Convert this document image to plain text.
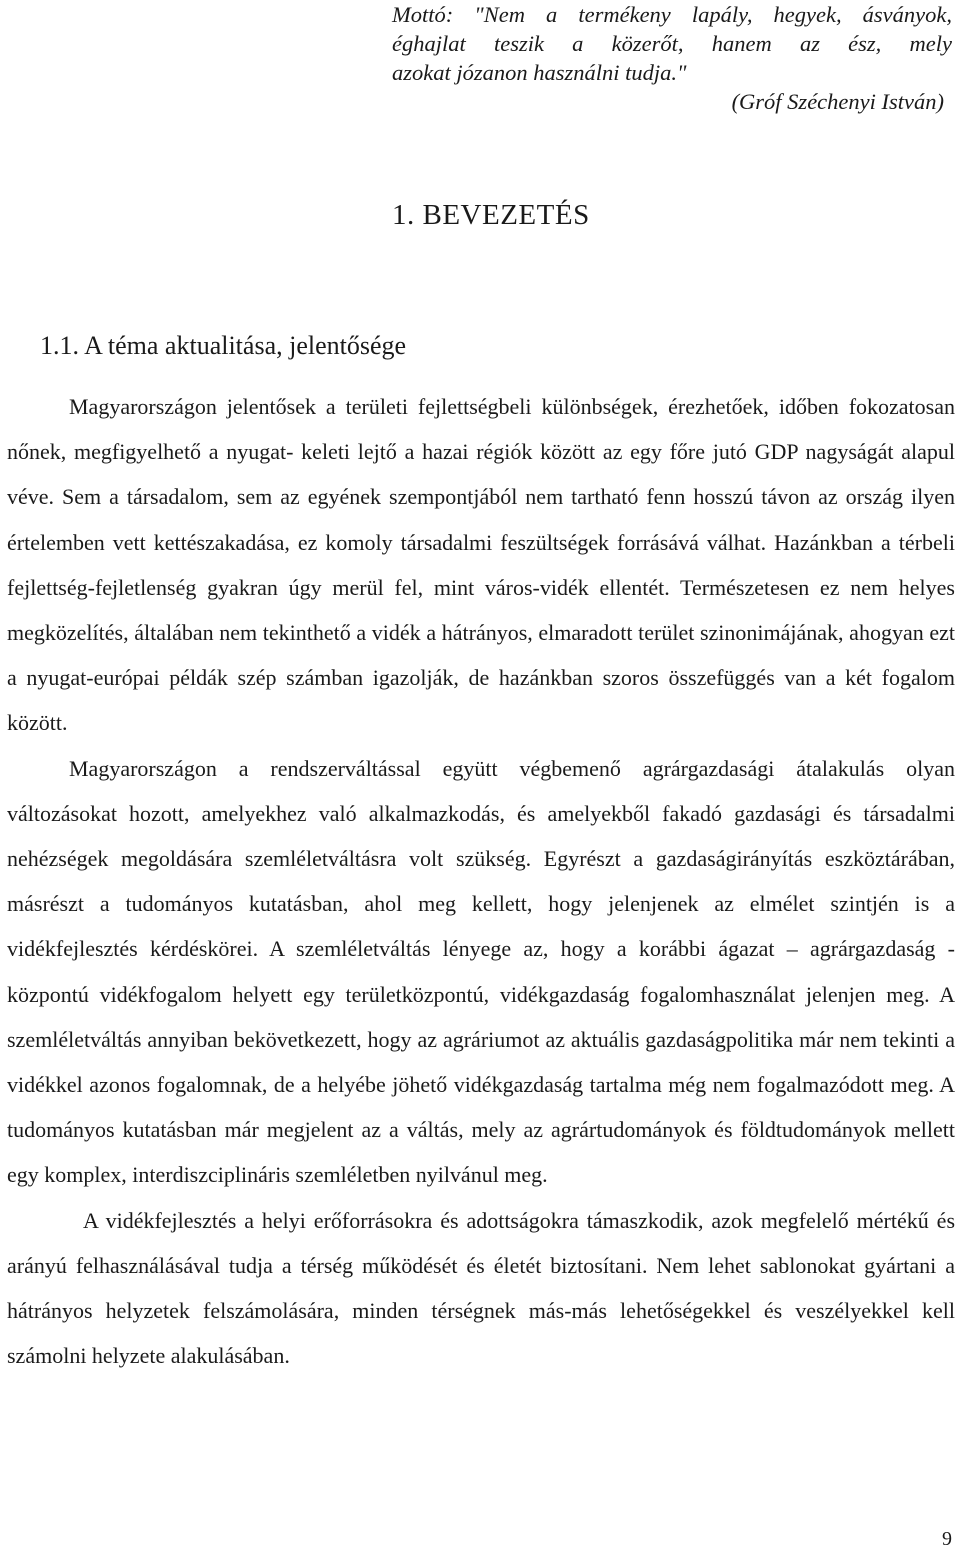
Mottó: "Nem a termékeny lapály, hegyek, ásványok,
éghajlat teszik a közerőt, hanem az ész, mely
azokat józanon használni tudja."
(Gróf Széchenyi István)
1. BEVEZETÉS
1.1. A téma aktualitása, jelentősége

Magyarországon jelentősek a területi fejlettségbeli különbségek, érezhetőek, időben fokozatosan nőnek, megfigyelhető a nyugat- keleti lejtő a hazai régiók között az egy főre jutó GDP nagyságát alapul véve. Sem a társadalom, sem az egyének szempontjából nem tartható fenn hosszú távon az ország ilyen értelemben vett kettészakadása, ez komoly társadalmi feszültségek forrásává válhat. Hazánkban a térbeli fejlettség-fejletlenség gyakran úgy merül fel, mint város-vidék ellentét. Természetesen ez nem helyes megközelítés, általában nem tekinthető a vidék a hátrányos, elmaradott terület szinonimájának, ahogyan ezt a nyugat-európai példák szép számban igazolják, de hazánkban szoros összefüggés van a két fogalom között.

Magyarországon a rendszerváltással együtt végbemenő agrárgazdasági átalakulás olyan változásokat hozott, amelyekhez való alkalmazkodás, és amelyekből fakadó gazdasági és társadalmi nehézségek megoldására szemléletváltásra volt szükség. Egyrészt a gazdaságirányítás eszköztárában, másrészt a tudományos kutatásban, ahol meg kellett, hogy jelenjenek az elmélet szintjén is a vidékfejlesztés kérdéskörei. A szemléletváltás lényege az, hogy a korábbi ágazat – agrárgazdaság - központú vidékfogalom helyett egy területközpontú, vidékgazdaság fogalomhasználat jelenjen meg. A szemléletváltás annyiban bekövetkezett, hogy az agráriumot az aktuális gazdaságpolitika már nem tekinti a vidékkel azonos fogalomnak, de a helyébe jöhető vidékgazdaság tartalma még nem fogalmazódott meg. A tudományos kutatásban már megjelent az a váltás, mely az agrártudományok és földtudományok mellett egy komplex, interdiszciplináris szemléletben nyilvánul meg.

A vidékfejlesztés a helyi erőforrásokra és adottságokra támaszkodik, azok megfelelő mértékű és arányú felhasználásával tudja a térség működését és életét biztosítani. Nem lehet sablonokat gyártani a hátrányos helyzetek felszámolására, minden térségnek más-más lehetőségekkel és veszélyekkel kell számolni helyzete alakulásában.

9
